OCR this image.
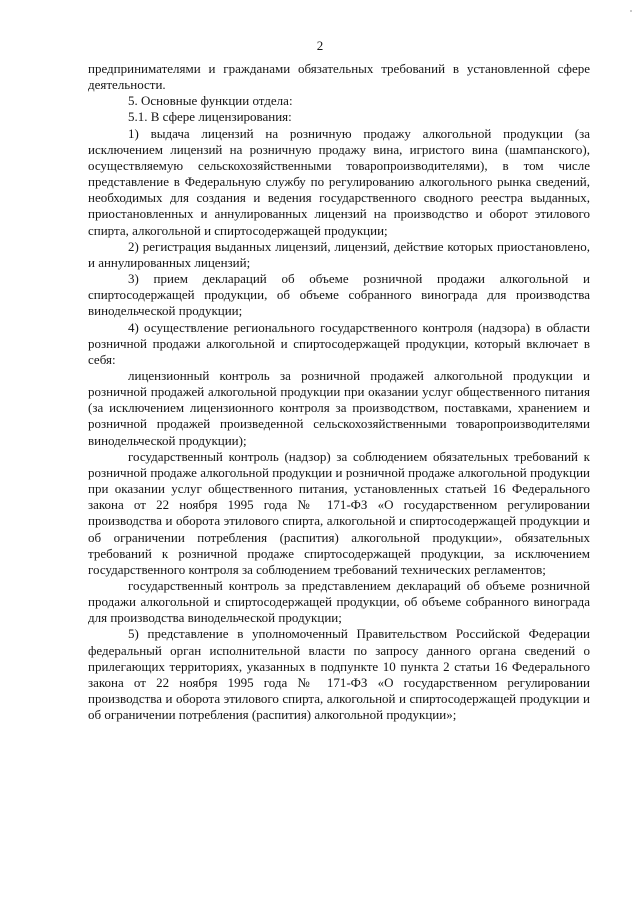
2

предпринимателями и гражданами обязательных требований в установленной сфере деятельности.

5. Основные функции отдела:

5.1. В сфере лицензирования:

1) выдача лицензий на розничную продажу алкогольной продукции (за исключением лицензий на розничную продажу вина, игристого вина (шампанского), осуществляемую сельскохозяйственными товаропроизводителями), в том числе представление в Федеральную службу по регулированию алкогольного рынка сведений, необходимых для создания и ведения государственного сводного реестра выданных, приостановленных и аннулированных лицензий на производство и оборот этилового спирта, алкогольной и спиртосодержащей продукции;

2) регистрация выданных лицензий, лицензий, действие которых приостановлено, и аннулированных лицензий;

3) прием деклараций об объеме розничной продажи алкогольной и спиртосодержащей продукции, об объеме собранного винограда для производства винодельческой продукции;

4) осуществление регионального государственного контроля (надзора) в области розничной продажи алкогольной и спиртосодержащей продукции, который включает в себя:

лицензионный контроль за розничной продажей алкогольной продукции и розничной продажей алкогольной продукции при оказании услуг общественного питания (за исключением лицензионного контроля за производством, поставками, хранением и розничной продажей произведенной сельскохозяйственными товаропроизводителями винодельческой продукции);

государственный контроль (надзор) за соблюдением обязательных требований к розничной продаже алкогольной продукции и розничной продаже алкогольной продукции при оказании услуг общественного питания, установленных статьей 16 Федерального закона от 22 ноября 1995 года № 171-ФЗ «О государственном регулировании производства и оборота этилового спирта, алкогольной и спиртосодержащей продукции и об ограничении потребления (распития) алкогольной продукции», обязательных требований к розничной продаже спиртосодержащей продукции, за исключением государственного контроля за соблюдением требований технических регламентов;

государственный контроль за представлением деклараций об объеме розничной продажи алкогольной и спиртосодержащей продукции, об объеме собранного винограда для производства винодельческой продукции;

5) представление в уполномоченный Правительством Российской Федерации федеральный орган исполнительной власти по запросу данного органа сведений о прилегающих территориях, указанных в подпункте 10 пункта 2 статьи 16 Федерального закона от 22 ноября 1995 года № 171-ФЗ «О государственном регулировании производства и оборота этилового спирта, алкогольной и спиртосодержащей продукции и об ограничении потребления (распития) алкогольной продукции»;
